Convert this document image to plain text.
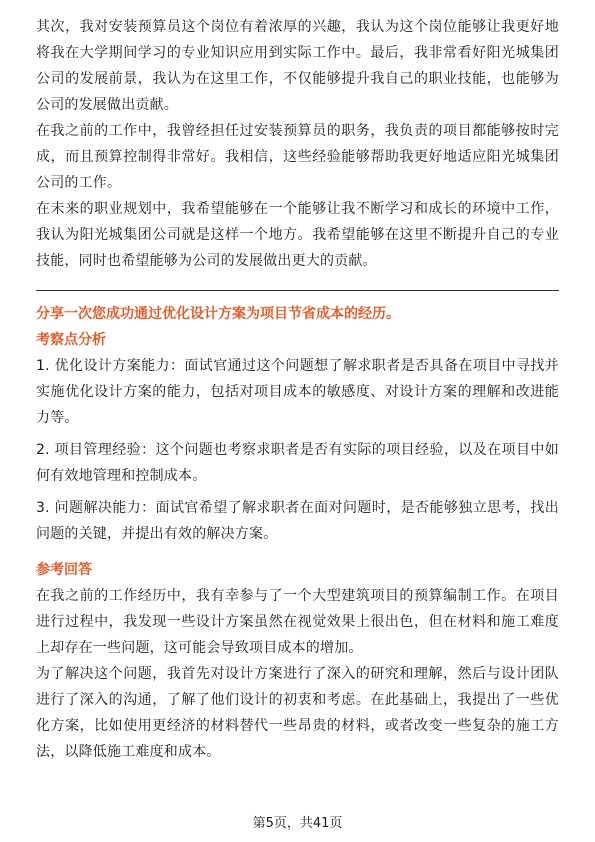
其次，我对安装预算员这个岗位有着浓厚的兴趣，我认为这个岗位能够让我更好地将我在大学期间学习的专业知识应用到实际工作中。最后，我非常看好阳光城集团公司的发展前景，我认为在这里工作，不仅能够提升我自己的职业技能，也能够为公司的发展做出贡献。

在我之前的工作中，我曾经担任过安装预算员的职务，我负责的项目都能够按时完成，而且预算控制得非常好。我相信，这些经验能够帮助我更好地适应阳光城集团公司的工作。

在未来的职业规划中，我希望能够在一个能够让我不断学习和成长的环境中工作，我认为阳光城集团公司就是这样一个地方。我希望能够在这里不断提升自己的专业技能，同时也希望能够为公司的发展做出更大的贡献。

分享一次您成功通过优化设计方案为项目节省成本的经历。

考察点分析

1. 优化设计方案能力：面试官通过这个问题想了解求职者是否具备在项目中寻找并实施优化设计方案的能力，包括对项目成本的敏感度、对设计方案的理解和改进能力等。

2. 项目管理经验：这个问题也考察求职者是否有实际的项目经验，以及在项目中如何有效地管理和控制成本。

3. 问题解决能力：面试官希望了解求职者在面对问题时，是否能够独立思考，找出问题的关键，并提出有效的解决方案。

参考回答

在我之前的工作经历中，我有幸参与了一个大型建筑项目的预算编制工作。在项目进行过程中，我发现一些设计方案虽然在视觉效果上很出色，但在材料和施工难度上却存在一些问题，这可能会导致项目成本的增加。

为了解决这个问题，我首先对设计方案进行了深入的研究和理解，然后与设计团队进行了深入的沟通，了解了他们设计的初衷和考虑。在此基础上，我提出了一些优化方案，比如使用更经济的材料替代一些昂贵的材料，或者改变一些复杂的施工方法，以降低施工难度和成本。

第5页，共41页
